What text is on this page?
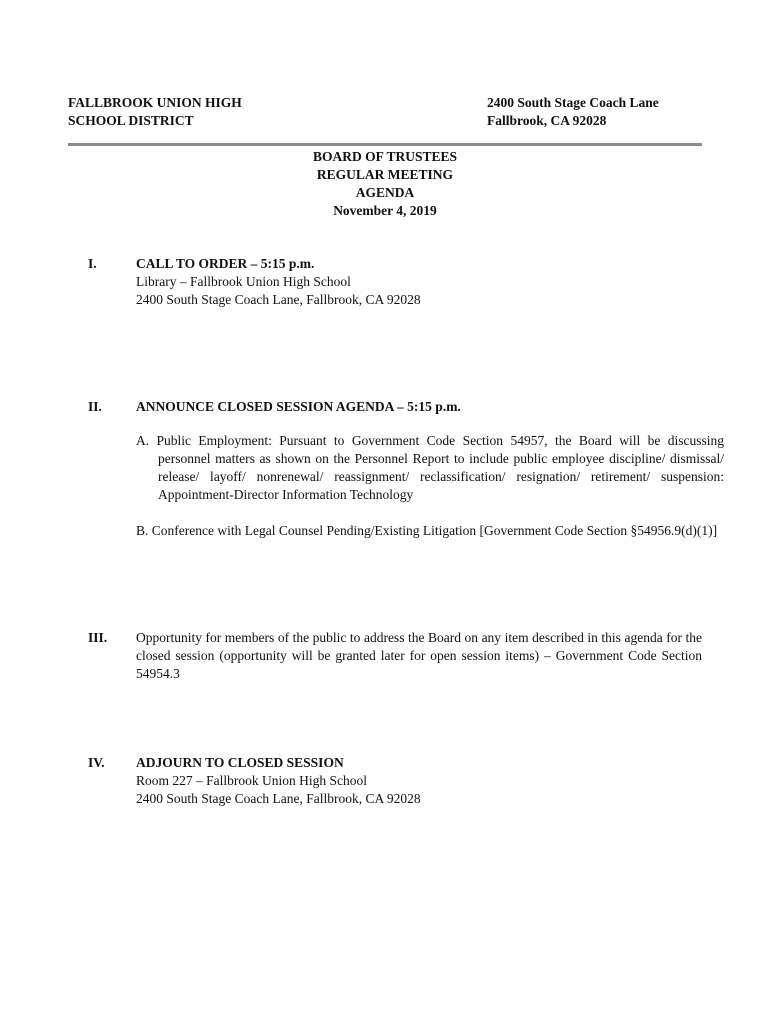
FALLBROOK UNION HIGH
SCHOOL DISTRICT
2400 South Stage Coach Lane
Fallbrook, CA 92028
BOARD OF TRUSTEES
REGULAR MEETING
AGENDA
November 4, 2019
I.	CALL TO ORDER – 5:15 p.m.
Library – Fallbrook Union High School
2400 South Stage Coach Lane, Fallbrook, CA 92028
II.	ANNOUNCE CLOSED SESSION AGENDA – 5:15 p.m.
A. Public Employment: Pursuant to Government Code Section 54957, the Board will be discussing personnel matters as shown on the Personnel Report to include public employee discipline/ dismissal/ release/ layoff/ nonrenewal/ reassignment/ reclassification/ resignation/ retirement/ suspension: Appointment-Director Information Technology
B. Conference with Legal Counsel Pending/Existing Litigation [Government Code Section §54956.9(d)(1)]
III. Opportunity for members of the public to address the Board on any item described in this agenda for the closed session (opportunity will be granted later for open session items) – Government Code Section 54954.3
IV. ADJOURN TO CLOSED SESSION
Room 227 – Fallbrook Union High School
2400 South Stage Coach Lane, Fallbrook, CA 92028
